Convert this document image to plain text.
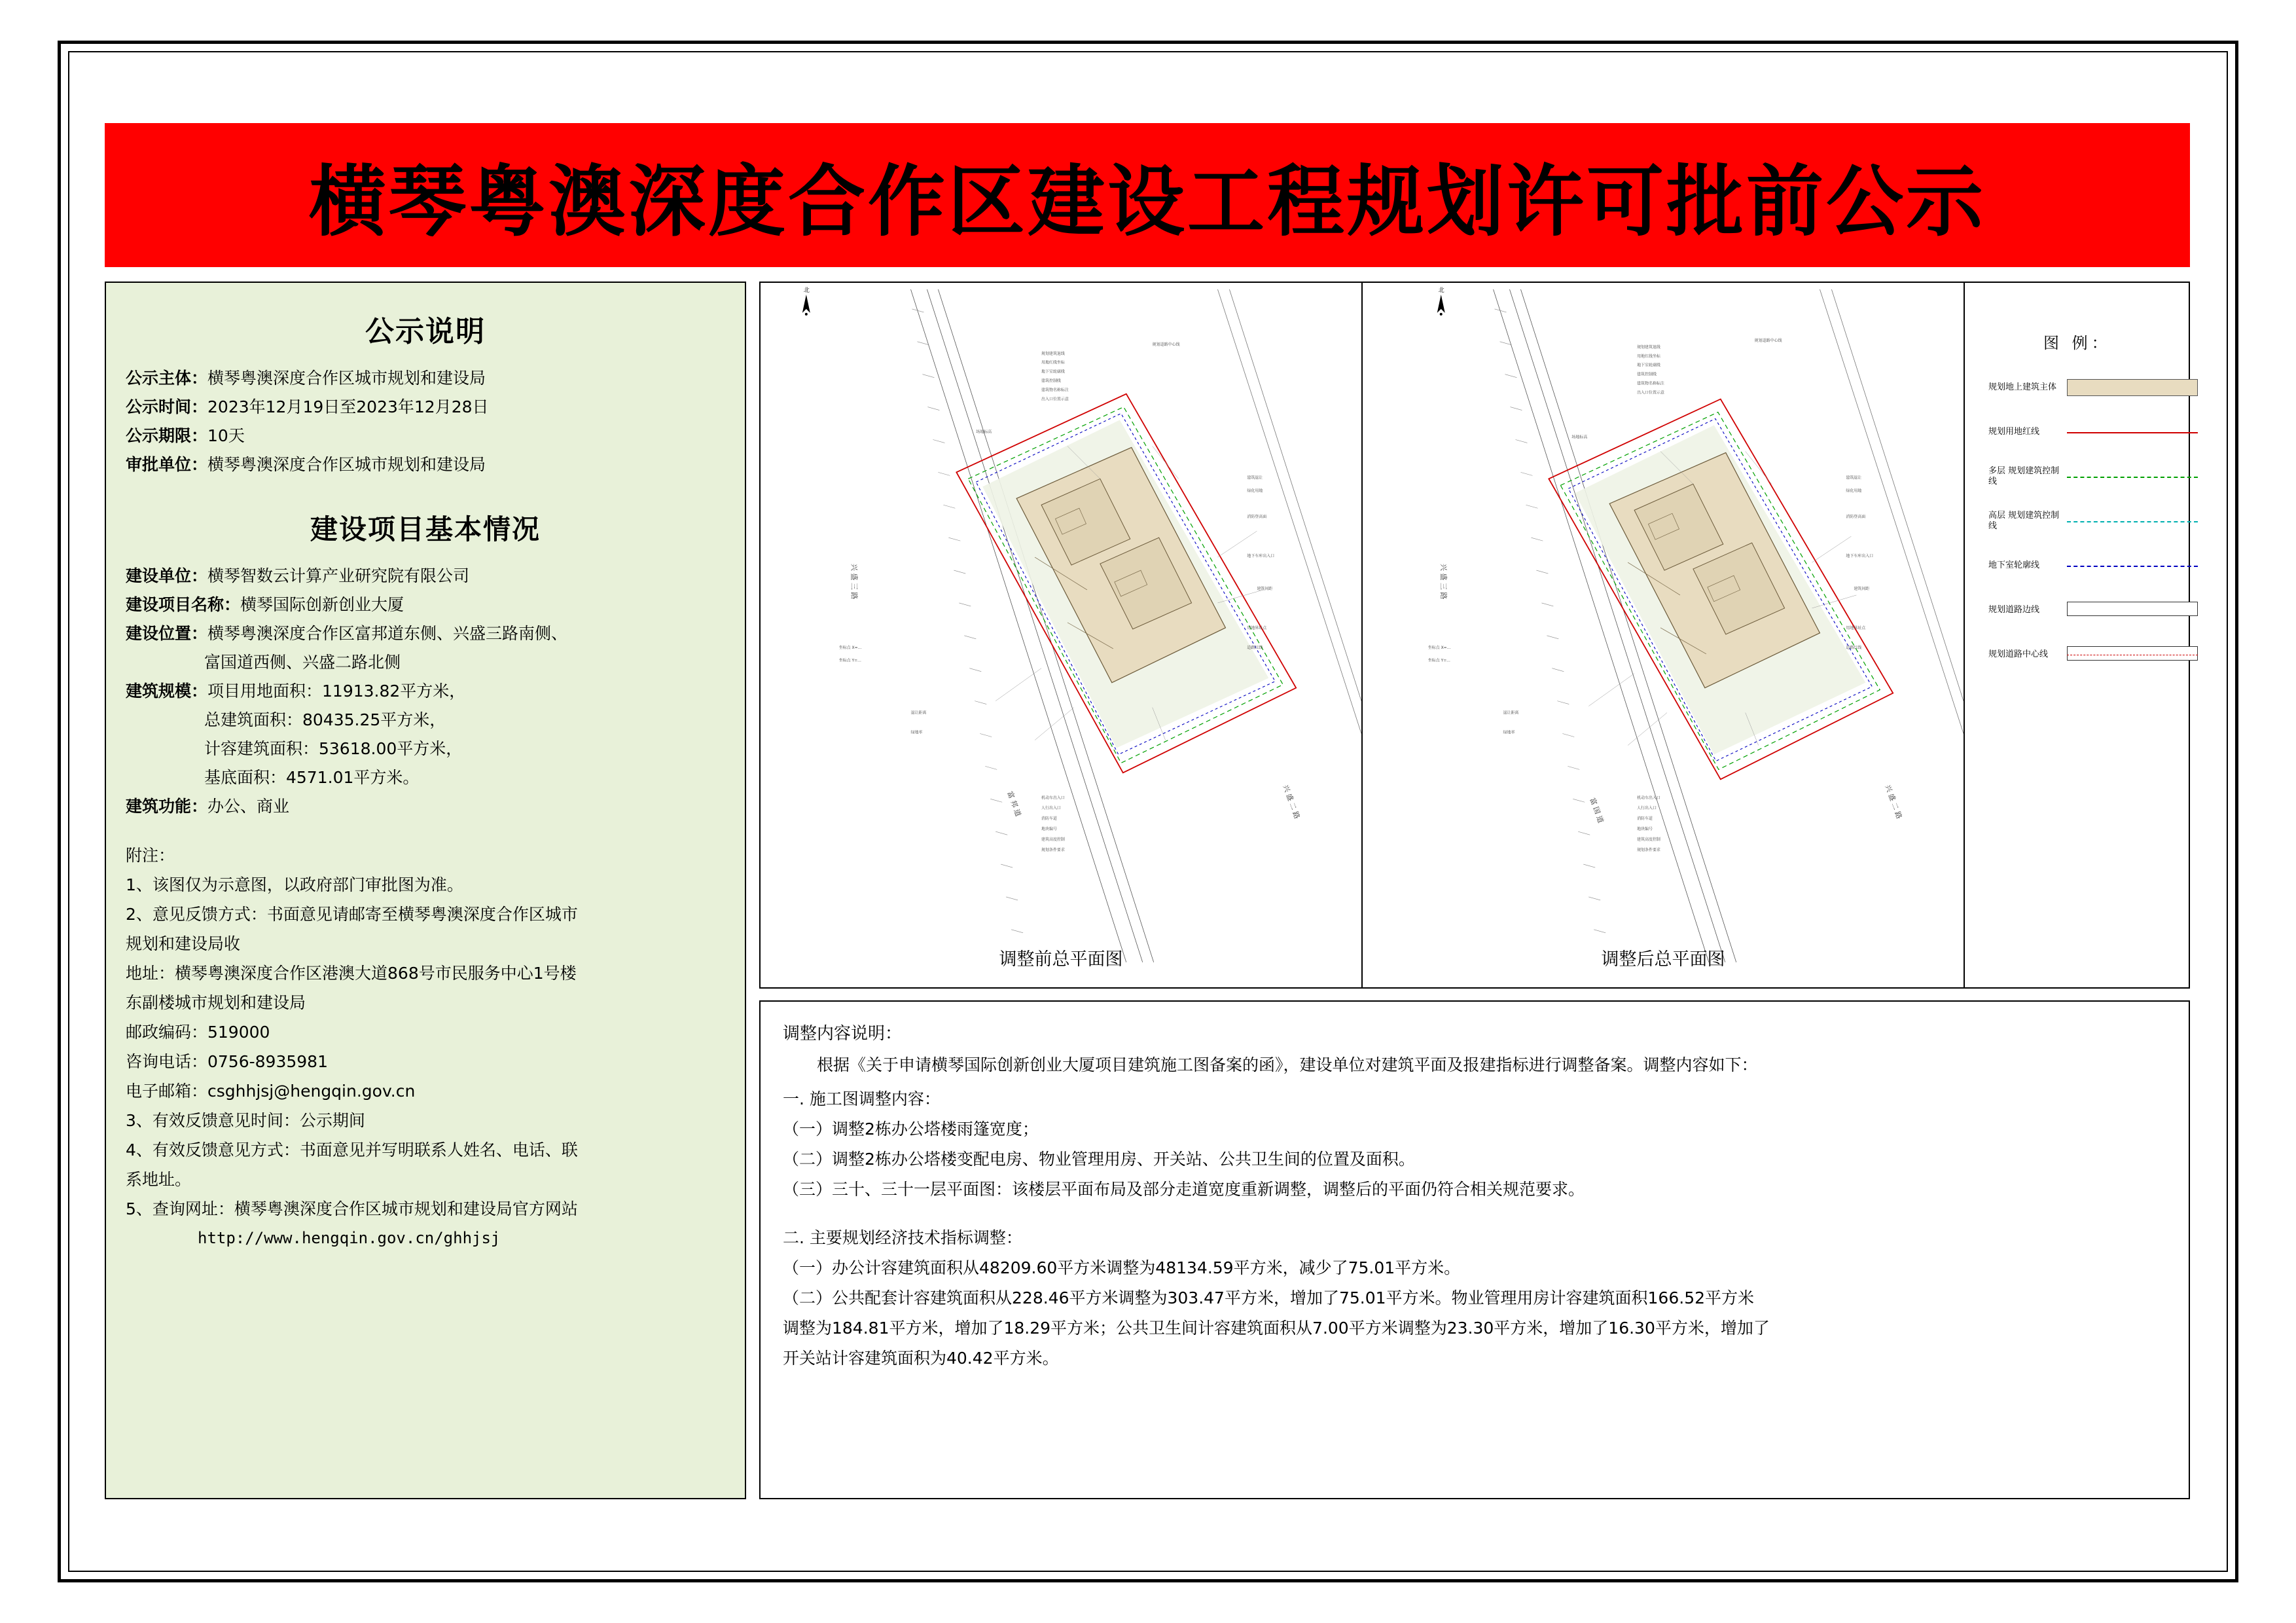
横琴粤澳深度合作区建设工程规划许可批前公示
公示说明
公示主体： 横琴粤澳深度合作区城市规划和建设局
公示时间： 2023年12月19日至2023年12月28日
公示期限： 10天
审批单位： 横琴粤澳深度合作区城市规划和建设局
建设项目基本情况
建设单位： 横琴智数云计算产业研究院有限公司
建设项目名称： 横琴国际创新创业大厦
建设位置： 横琴粤澳深度合作区富邦道东侧、兴盛三路南侧、
富国道西侧、兴盛二路北侧
建筑规模： 项目用地面积：11913.82平方米，
总建筑面积：80435.25平方米，
计容建筑面积：53618.00平方米，
基底面积：4571.01平方米。
建筑功能： 办公、商业
附注：
1、该图仅为示意图，以政府部门审批图为准。
2、意见反馈方式：书面意见请邮寄至横琴粤澳深度合作区城市
规划和建设局收
地址：横琴粤澳深度合作区港澳大道868号市民服务中心1号楼
东副楼城市规划和建设局
邮政编码：519000
咨询电话：0756-8935981
电子邮箱：csghhjsj@hengqin.gov.cn
3、有效反馈意见时间：公示期间
4、有效反馈意见方式：书面意见并写明联系人姓名、电话、联
系地址。
5、查询网址：横琴粤澳深度合作区城市规划和建设局官方网站
http://www.hengqin.gov.cn/ghhjsj
北
兴 盛 三 路
富 邦 道	兴 盛 二 路
规划建筑退线
用地红线坐标
地下室轮廓线
建筑控制线
建筑物名称标注
出入口位置示意
规划道路中心线
场地标高
建筑退让
绿化用地
消防登高面
地下车库出入口
建筑间距
用地界址点
道路红线
坐标点 X=...
坐标点 Y=...
退让距离
绿地率
机动车出入口
人行出入口
消防车道
地块编号
建筑高度控制
规划条件要求
调整前总平面图
北
兴 盛 三 路
富 国 道	兴 盛 二 路
规划建筑退线
用地红线坐标
地下室轮廓线
建筑控制线
建筑物名称标注
出入口位置示意
规划道路中心线
场地标高
建筑退让
绿化用地
消防登高面
地下车库出入口
建筑间距
用地界址点
道路红线
坐标点 X=...
坐标点 Y=...
退让距离
绿地率
机动车出入口
人行出入口
消防车道
地块编号
建筑高度控制
规划条件要求
调整后总平面图
图 例：
规划地上建筑主体
规划用地红线
多层 规划建筑控制线
高层 规划建筑控制线
地下室轮廓线
规划道路边线
规划道路中心线
调整内容说明：
根据《关于申请横琴国际创新创业大厦项目建筑施工图备案的函》，建设单位对建筑平面及报建指标进行调整备案。调整内容如下：
一. 施工图调整内容：
（一）调整2栋办公塔楼雨篷宽度；
（二）调整2栋办公塔楼变配电房、物业管理用房、开关站、公共卫生间的位置及面积。
（三）三十、三十一层平面图：该楼层平面布局及部分走道宽度重新调整，调整后的平面仍符合相关规范要求。
二. 主要规划经济技术指标调整：
（一）办公计容建筑面积从48209.60平方米调整为48134.59平方米，减少了75.01平方米。
（二）公共配套计容建筑面积从228.46平方米调整为303.47平方米，增加了75.01平方米。物业管理用房计容建筑面积166.52平方米
调整为184.81平方米，增加了18.29平方米；公共卫生间计容建筑面积从7.00平方米调整为23.30平方米，增加了16.30平方米，增加了
开关站计容建筑面积为40.42平方米。
